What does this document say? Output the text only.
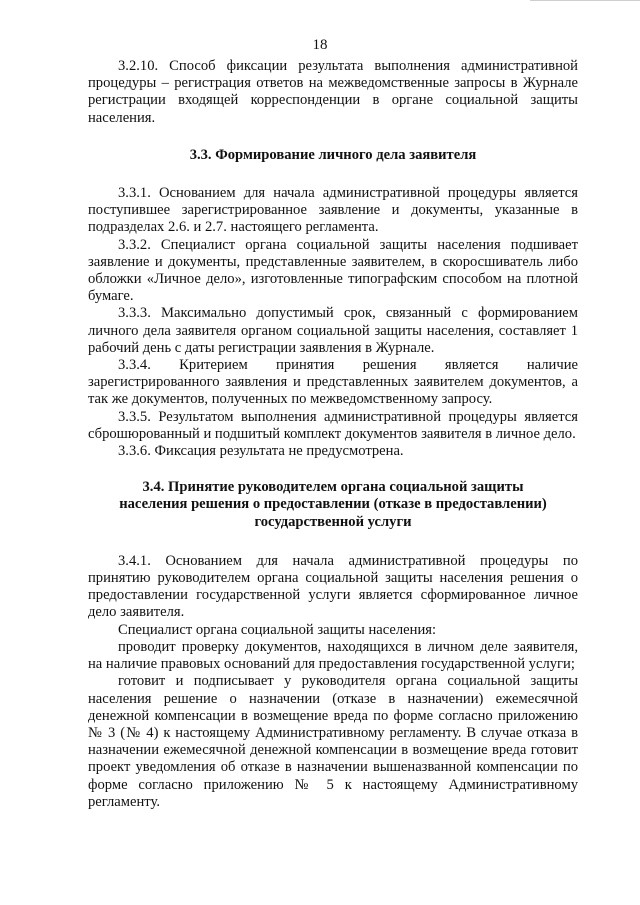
18

3.2.10. Способ фиксации результата выполнения административной процедуры – регистрация ответов на межведомственные запросы в Журнале регистрации входящей корреспонденции в органе социальной защиты населения.

3.3. Формирование личного дела заявителя

3.3.1. Основанием для начала административной процедуры является поступившее зарегистрированное заявление и документы, указанные в подразделах 2.6. и 2.7. настоящего регламента.

3.3.2. Специалист органа социальной защиты населения подшивает заявление и документы, представленные заявителем, в скоросшиватель либо обложки «Личное дело», изготовленные типографским способом на плотной бумаге.

3.3.3. Максимально допустимый срок, связанный с формированием личного дела заявителя органом социальной защиты населения, составляет 1 рабочий день с даты регистрации заявления в Журнале.

3.3.4. Критерием принятия решения является наличие зарегистрированного заявления и представленных заявителем документов, а так же документов, полученных по межведомственному запросу.

3.3.5. Результатом выполнения административной процедуры является сброшюрованный и подшитый комплект документов заявителя в личное дело.

3.3.6. Фиксация результата не предусмотрена.

3.4. Принятие руководителем органа социальной защиты

населения решения о предоставлении (отказе в предоставлении)

государственной услуги

3.4.1. Основанием для начала административной процедуры по принятию руководителем органа социальной защиты населения решения о предоставлении государственной услуги является сформированное личное дело заявителя.

Специалист органа социальной защиты населения:

проводит проверку документов, находящихся в личном деле заявителя, на наличие правовых оснований для предоставления государственной услуги;

готовит и подписывает у руководителя органа социальной защиты населения решение о назначении (отказе в назначении) ежемесячной денежной компенсации в возмещение вреда по форме согласно приложению № 3 (№ 4) к настоящему Административному регламенту. В случае отказа в назначении ежемесячной денежной компенсации в возмещение вреда готовит проект уведомления об отказе в назначении вышеназванной компенсации по форме согласно приложению № 5 к настоящему Административному регламенту.
